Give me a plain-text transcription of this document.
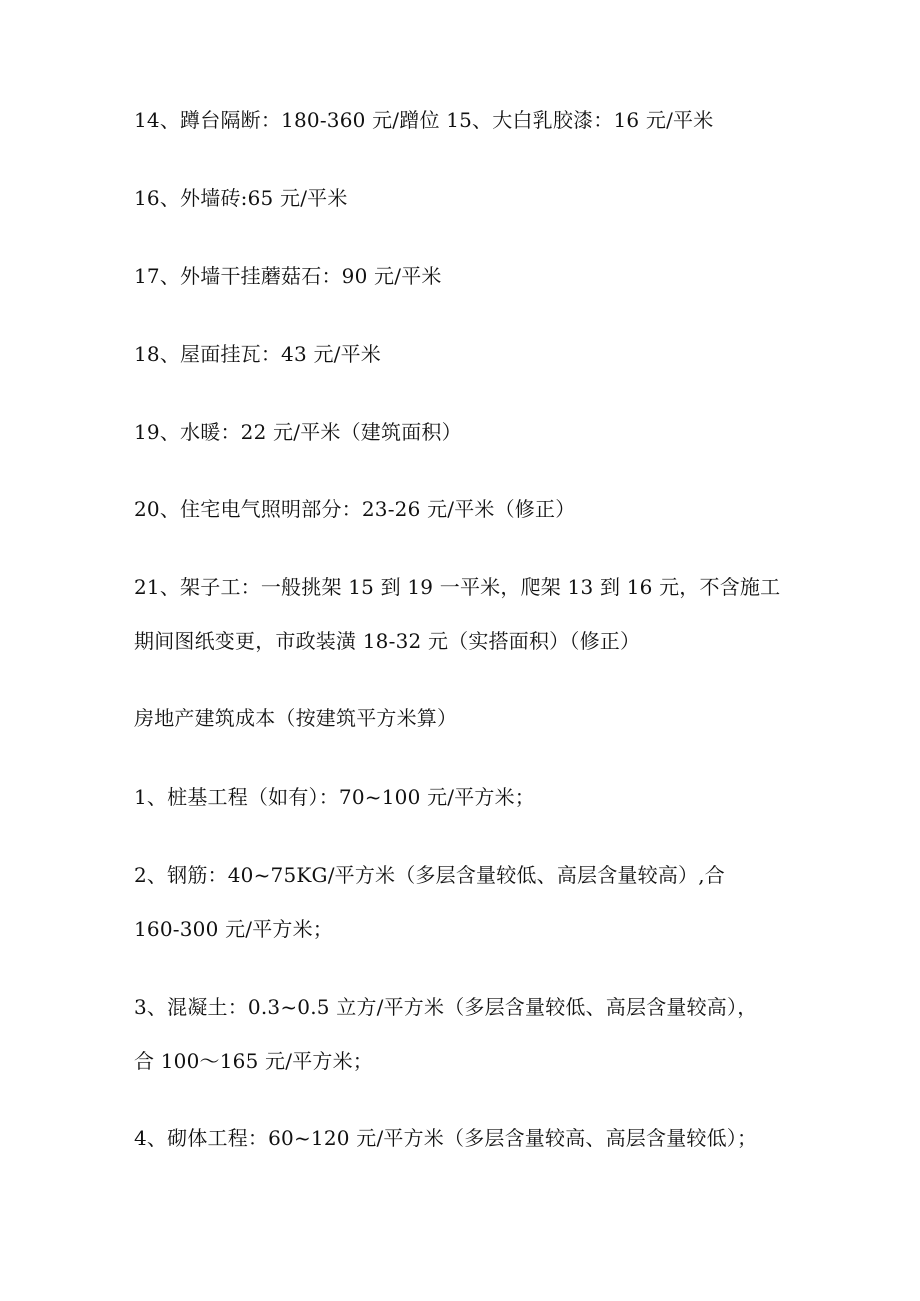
14、蹲台隔断：180-360 元/蹭位 15、大白乳胶漆：16 元/平米
16、外墙砖:65 元/平米
17、外墙干挂蘑菇石：90 元/平米
18、屋面挂瓦：43 元/平米
19、水暖：22 元/平米（建筑面积）
20、住宅电气照明部分：23-26 元/平米（修正）
21、架子工：一般挑架 15 到 19 一平米，爬架 13 到 16 元，不含施工
期间图纸变更，市政装潢 18-32 元（实搭面积）（修正）
房地产建筑成本（按建筑平方米算）
1、桩基工程（如有）：70~100 元/平方米；
2、钢筋：40~75KG/平方米（多层含量较低、高层含量较高）,合
160-300 元/平方米；
3、混凝土：0.3~0.5 立方/平方米（多层含量较低、高层含量较高），
合 100～165 元/平方米；
4、砌体工程：60~120 元/平方米（多层含量较高、高层含量较低）；
